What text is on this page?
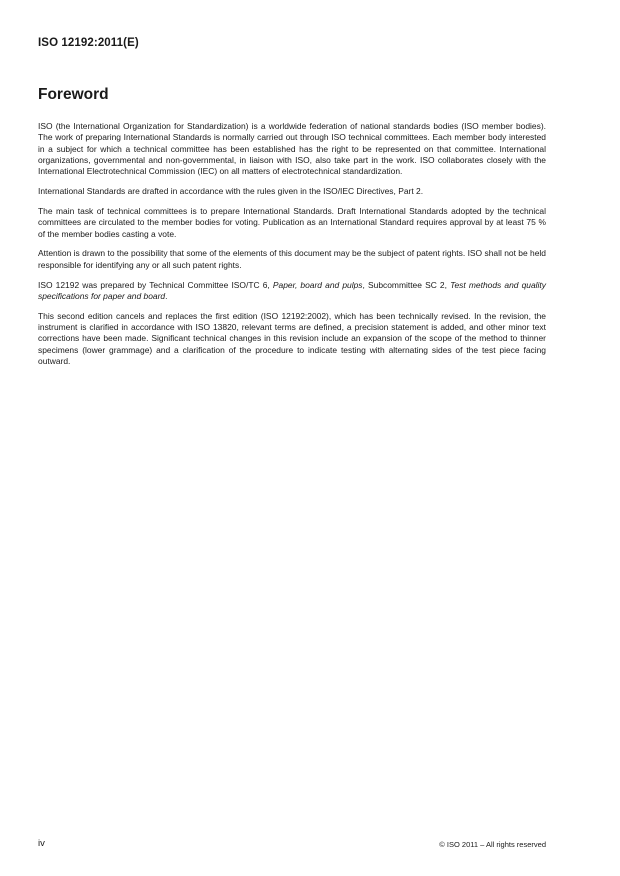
ISO 12192:2011(E)
Foreword

ISO (the International Organization for Standardization) is a worldwide federation of national standards bodies (ISO member bodies). The work of preparing International Standards is normally carried out through ISO technical committees. Each member body interested in a subject for which a technical committee has been established has the right to be represented on that committee. International organizations, governmental and non-governmental, in liaison with ISO, also take part in the work. ISO collaborates closely with the International Electrotechnical Commission (IEC) on all matters of electrotechnical standardization.

International Standards are drafted in accordance with the rules given in the ISO/IEC Directives, Part 2.

The main task of technical committees is to prepare International Standards. Draft International Standards adopted by the technical committees are circulated to the member bodies for voting. Publication as an International Standard requires approval by at least 75 % of the member bodies casting a vote.

Attention is drawn to the possibility that some of the elements of this document may be the subject of patent rights. ISO shall not be held responsible for identifying any or all such patent rights.

ISO 12192 was prepared by Technical Committee ISO/TC 6, Paper, board and pulps, Subcommittee SC 2, Test methods and quality specifications for paper and board.

This second edition cancels and replaces the first edition (ISO 12192:2002), which has been technically revised. In the revision, the instrument is clarified in accordance with ISO 13820, relevant terms are defined, a precision statement is added, and other minor text corrections have been made. Significant technical changes in this revision include an expansion of the scope of the method to thinner specimens (lower grammage) and a clarification of the procedure to indicate testing with alternating sides of the test piece facing outward.

iv	© ISO 2011 – All rights reserved
